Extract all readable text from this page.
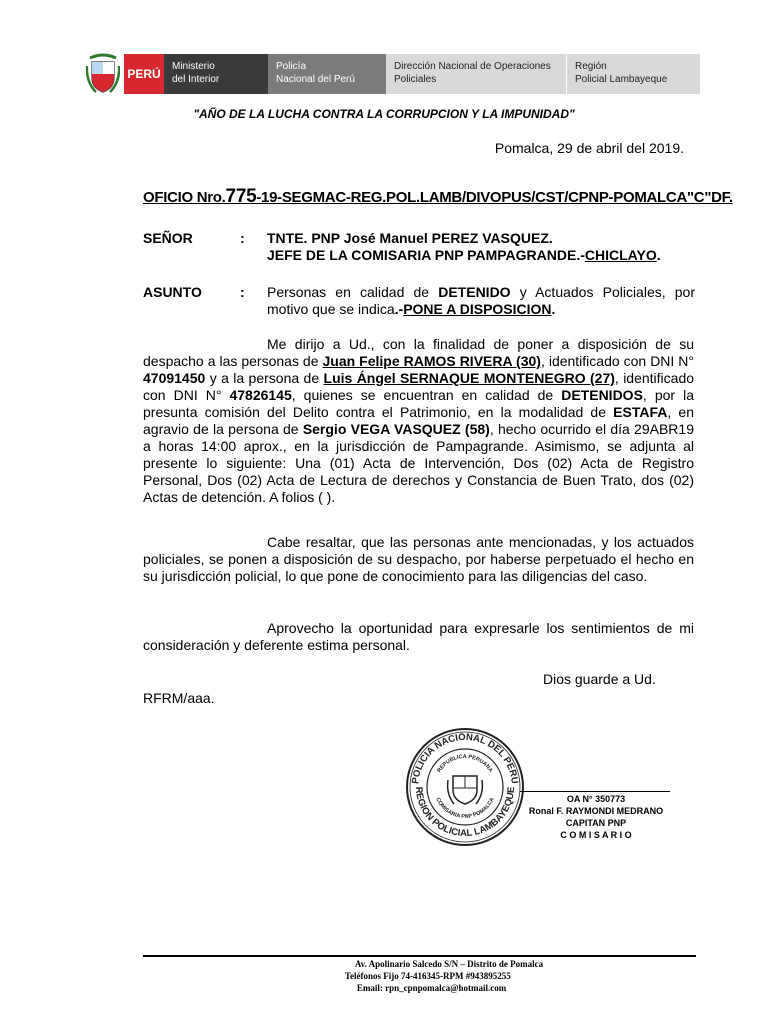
PERÚ
Ministerio
del Interior
Policía
Nacional del Perú
Dirección Nacional de Operaciones
Policiales
Región
Policial Lambayeque
"AÑO DE LA LUCHA CONTRA LA CORRUPCION Y LA IMPUNIDAD"
Pomalca, 29 de abril del 2019.
OFICIO Nro.775-19-SEGMAC-REG.POL.LAMB/DIVOPUS/CST/CPNP-POMALCA"C"DF.
SEÑOR	: TNTE. PNP José Manuel PEREZ VASQUEZ.
JEFE DE LA COMISARIA PNP PAMPAGRANDE.-CHICLAYO.
ASUNTO	: Personas en calidad de DETENIDO y Actuados Policiales, por motivo que se indica.-PONE A DISPOSICION.
Me dirijo a Ud., con la finalidad de poner a disposición de su despacho a las personas de Juan Felipe RAMOS RIVERA (30), identificado con DNI N° 47091450 y a la persona de Luis Ángel SERNAQUE MONTENEGRO (27), identificado con DNI N° 47826145, quienes se encuentran en calidad de DETENIDOS, por la presunta comisión del Delito contra el Patrimonio, en la modalidad de ESTAFA, en agravio de la persona de Sergio VEGA VASQUEZ (58), hecho ocurrido el día 29ABR19 a horas 14:00 aprox., en la jurisdicción de Pampagrande. Asimismo, se adjunta al presente lo siguiente: Una (01) Acta de Intervención, Dos (02) Acta de Registro Personal, Dos (02) Acta de Lectura de derechos y Constancia de Buen Trato, dos (02) Actas de detención. A folios ( ).
Cabe resaltar, que las personas ante mencionadas, y los actuados policiales, se ponen a disposición de su despacho, por haberse perpetuado el hecho en su jurisdicción policial, lo que pone de conocimiento para las diligencias del caso.
Aprovecho la oportunidad para expresarle los sentimientos de mi consideración y deferente estima personal.
Dios guarde a Ud.
RFRM/aaa.
POLICIA NACIONAL DEL PERU
REGION POLICIAL LAMBAYEQUE
REPUBLICA PERUANA
COMISARIA PNP POMALCA	OA N° 350773
Ronal F. RAYMONDI MEDRANO
CAPITAN PNP
C O M I S A R I O
Av. Apolinario Salcedo S/N – Distrito de Pomalca
Teléfonos Fijo 74-416345-RPM #943895255
Email: rpn_cpnpomalca@hotmail.com
